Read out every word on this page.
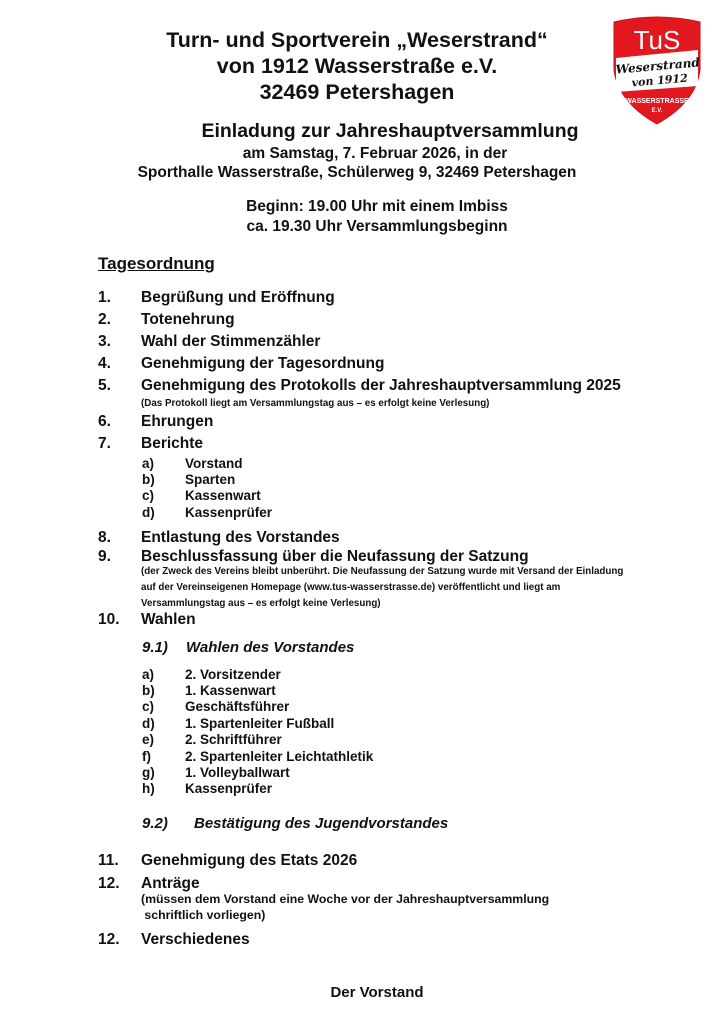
Turn- und Sportverein „Weserstrand“
von 1912 Wasserstraße e.V.
32469 Petershagen
TuS
Weserstrand
von 1912
WASSERSTRASSE
E.V.
Einladung zur Jahreshauptversammlung
am Samstag, 7. Februar 2026, in der
Sporthalle Wasserstraße, Schülerweg 9, 32469 Petershagen
Beginn: 19.00 Uhr mit einem Imbiss
ca. 19.30 Uhr Versammlungsbeginn
Tagesordnung
1. Begrüßung und Eröffnung
2. Totenehrung
3. Wahl der Stimmenzähler
4. Genehmigung der Tagesordnung
5. Genehmigung des Protokolls der Jahreshauptversammlung 2025
(Das Protokoll liegt am Versammlungstag aus – es erfolgt keine Verlesung)
6. Ehrungen
7. Berichte
a) Vorstand
b) Sparten
c) Kassenwart
d) Kassenprüfer
8. Entlastung des Vorstandes
9. Beschlussfassung über die Neufassung der Satzung
(der Zweck des Vereins bleibt unberührt. Die Neufassung der Satzung wurde mit Versand der Einladung
auf der Vereinseigenen Homepage (www.tus-wasserstrasse.de) veröffentlicht und liegt am
Versammlungstag aus – es erfolgt keine Verlesung)
10. Wahlen
9.1) Wahlen des Vorstandes
a) 2. Vorsitzender
b) 1. Kassenwart
c) Geschäftsführer
d) 1. Spartenleiter Fußball
e) 2. Schriftführer
f)	2. Spartenleiter Leichtathletik
g) 1. Volleyballwart
h) Kassenprüfer
9.2) Bestätigung des Jugendvorstandes
11. Genehmigung des Etats 2026
12. Anträge
(müssen dem Vorstand eine Woche vor der Jahreshauptversammlung
schriftlich vorliegen)
12. Verschiedenes
Der Vorstand
